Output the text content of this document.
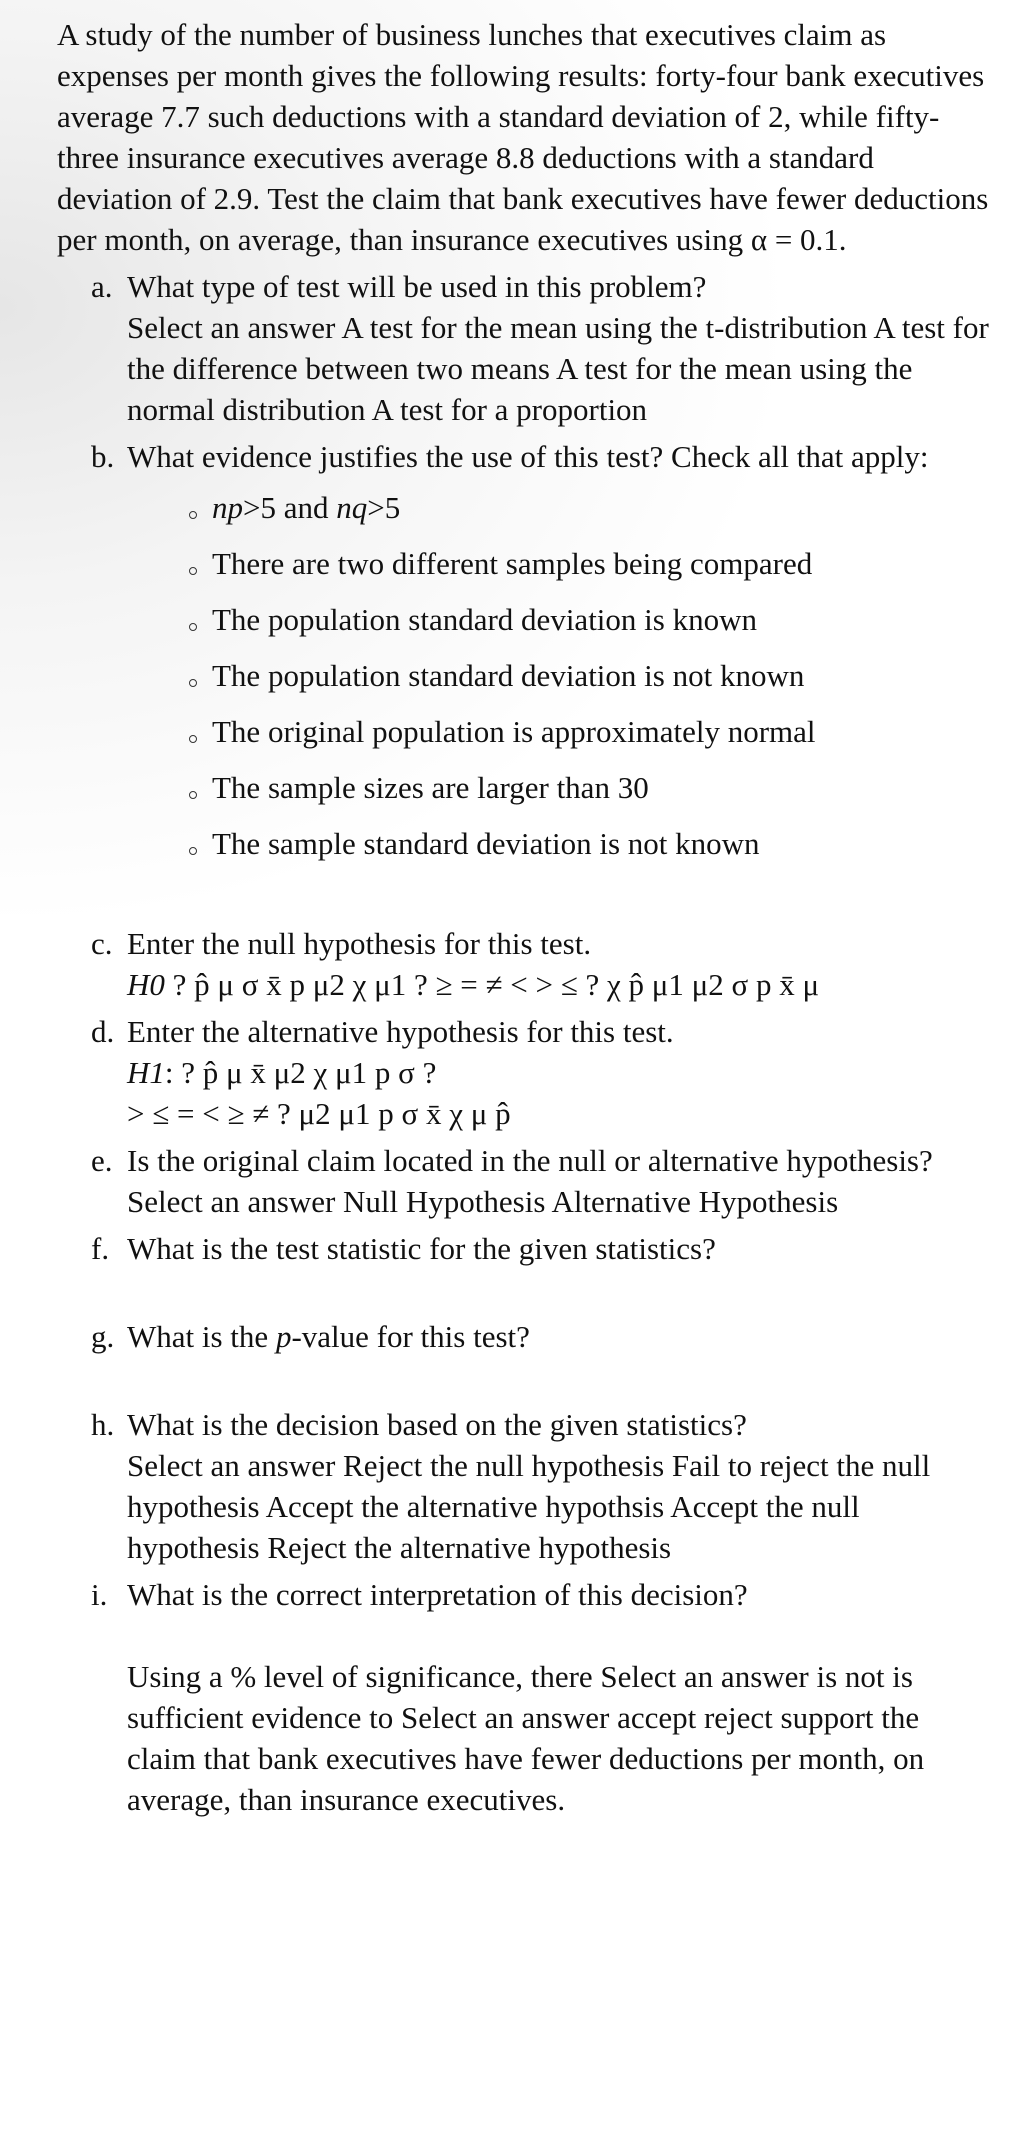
A study of the number of business lunches that executives claim as expenses per month gives the following results: forty-four bank executives average 7.7 such deductions with a standard deviation of 2, while fifty-three insurance executives average 8.8 deductions with a standard deviation of 2.9. Test the claim that bank executives have fewer deductions per month, on average, than insurance executives using α = 0.1.
a. What type of test will be used in this problem?
Select an answer A test for the mean using the t-distribution A test for the difference between two means A test for the mean using the normal distribution A test for a proportion
b. What evidence justifies the use of this test? Check all that apply:
np>5 and nq>5
There are two different samples being compared
The population standard deviation is known
The population standard deviation is not known
The original population is approximately normal
The sample sizes are larger than 30
The sample standard deviation is not known
c. Enter the null hypothesis for this test.
H0 ? p̂ μ σ x̄ p μ2 χ μ1 ? ≥ = ≠ < > ≤ ? χ p̂ μ1 μ2 σ p x̄ μ
d. Enter the alternative hypothesis for this test.
H1: ? p̂ μ x̄ μ2 χ μ1 p σ ?
> ≤ = < ≥ ≠ ? μ2 μ1 p σ x̄ χ μ p̂
e. Is the original claim located in the null or alternative hypothesis?
Select an answer Null Hypothesis Alternative Hypothesis
f. What is the test statistic for the given statistics?
g. What is the p-value for this test?
h. What is the decision based on the given statistics?
Select an answer Reject the null hypothesis Fail to reject the null hypothesis Accept the alternative hypothsis Accept the null hypothesis Reject the alternative hypothesis
i. What is the correct interpretation of this decision?
Using a % level of significance, there Select an answer is not is sufficient evidence to Select an answer accept reject support the claim that bank executives have fewer deductions per month, on average, than insurance executives.
